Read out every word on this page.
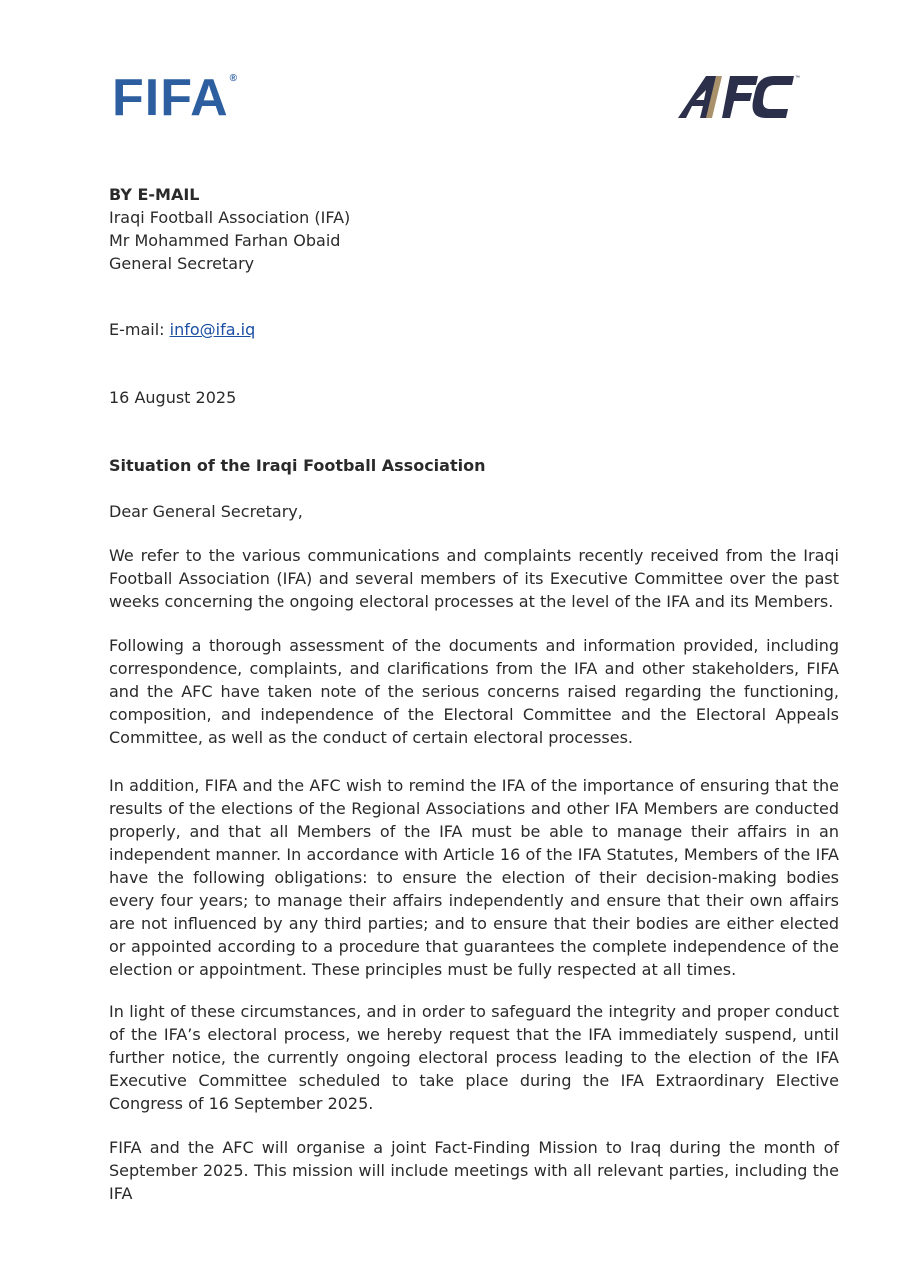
FIFA®	™
BY E-MAIL
Iraqi Football Association (IFA)
Mr Mohammed Farhan Obaid
General Secretary
E-mail: info@ifa.iq
16 August 2025
Situation of the Iraqi Football Association
Dear General Secretary,
We refer to the various communications and complaints recently received from the Iraqi Football Association (IFA) and several members of its Executive Committee over the past weeks concerning the ongoing electoral processes at the level of the IFA and its Members.
Following a thorough assessment of the documents and information provided, including correspondence, complaints, and clarifications from the IFA and other stakeholders, FIFA and the AFC have taken note of the serious concerns raised regarding the functioning, composition, and independence of the Electoral Committee and the Electoral Appeals Committee, as well as the conduct of certain electoral processes.
In addition, FIFA and the AFC wish to remind the IFA of the importance of ensuring that the results of the elections of the Regional Associations and other IFA Members are conducted properly, and that all Members of the IFA must be able to manage their affairs in an independent manner. In accordance with Article 16 of the IFA Statutes, Members of the IFA have the following obligations: to ensure the election of their decision-making bodies every four years; to manage their affairs independently and ensure that their own affairs are not influenced by any third parties; and to ensure that their bodies are either elected or appointed according to a procedure that guarantees the complete independence of the election or appointment. These principles must be fully respected at all times.
In light of these circumstances, and in order to safeguard the integrity and proper conduct of the IFA’s electoral process, we hereby request that the IFA immediately suspend, until further notice, the currently ongoing electoral process leading to the election of the IFA Executive Committee scheduled to take place during the IFA Extraordinary Elective Congress of 16 September 2025.
FIFA and the AFC will organise a joint Fact-Finding Mission to Iraq during the month of September 2025. This mission will include meetings with all relevant parties, including the IFA
